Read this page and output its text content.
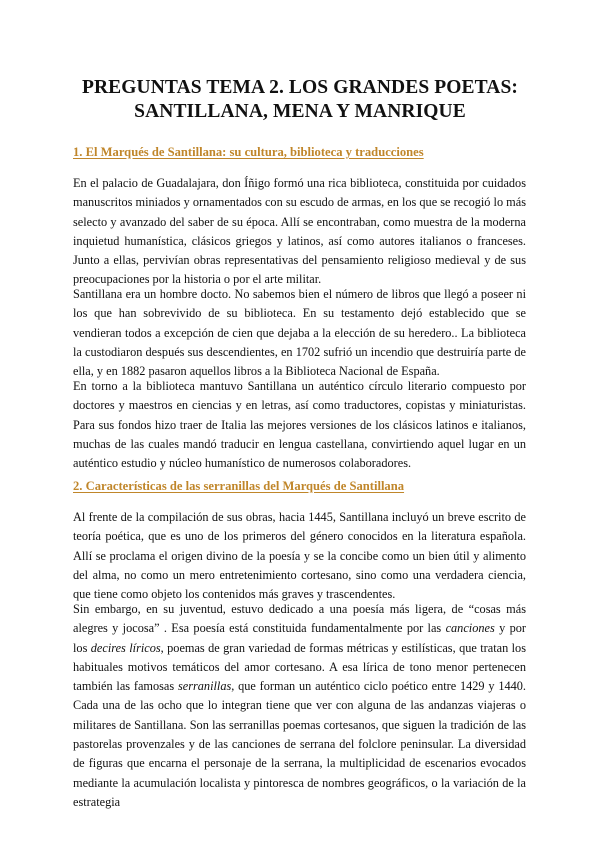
PREGUNTAS TEMA 2. LOS GRANDES POETAS:
SANTILLANA, MENA Y MANRIQUE
1. El Marqués de Santillana: su cultura, biblioteca y traducciones

En el palacio de Guadalajara, don Íñigo formó una rica biblioteca, constituida por cuidados manuscritos miniados y ornamentados con su escudo de armas, en los que se recogió lo más selecto y avanzado del saber de su época. Allí se encontraban, como muestra de la moderna inquietud humanística, clásicos griegos y latinos, así como autores italianos o franceses. Junto a ellas, pervivían obras representativas del pensamiento religioso medieval y de sus preocupaciones por la historia o por el arte militar.

Santillana era un hombre docto. No sabemos bien el número de libros que llegó a poseer ni los que han sobrevivido de su biblioteca. En su testamento dejó establecido que se vendieran todos a excepción de cien que dejaba a la elección de su heredero.. La biblioteca la custodiaron después sus descendientes, en 1702 sufrió un incendio que destruiría parte de ella, y en 1882 pasaron aquellos libros a la Biblioteca Nacional de España.

En torno a la biblioteca mantuvo Santillana un auténtico círculo literario compuesto por doctores y maestros en ciencias y en letras, así como traductores, copistas y miniaturistas. Para sus fondos hizo traer de Italia las mejores versiones de los clásicos latinos e italianos, muchas de las cuales mandó traducir en lengua castellana, convirtiendo aquel lugar en un auténtico estudio y núcleo humanístico de numerosos colaboradores.

2. Características de las serranillas del Marqués de Santillana

Al frente de la compilación de sus obras, hacia 1445, Santillana incluyó un breve escrito de teoría poética, que es uno de los primeros del género conocidos en la literatura española. Allí se proclama el origen divino de la poesía y se la concibe como un bien útil y alimento del alma, no como un mero entretenimiento cortesano, sino como una verdadera ciencia, que tiene como objeto los contenidos más graves y trascendentes.

Sin embargo, en su juventud, estuvo dedicado a una poesía más ligera, de “cosas más alegres y jocosa” . Esa poesía está constituida fundamentalmente por las canciones y por los decires líricos, poemas de gran variedad de formas métricas y estilísticas, que tratan los habituales motivos temáticos del amor cortesano. A esa lírica de tono menor pertenecen también las famosas serranillas, que forman un auténtico ciclo poético entre 1429 y 1440. Cada una de las ocho que lo integran tiene que ver con alguna de las andanzas viajeras o militares de Santillana. Son las serranillas poemas cortesanos, que siguen la tradición de las pastorelas provenzales y de las canciones de serrana del folclore peninsular. La diversidad de figuras que encarna el personaje de la serrana, la multiplicidad de escenarios evocados mediante la acumulación localista y pintoresca de nombres geográficos, o la variación de la estrategia
